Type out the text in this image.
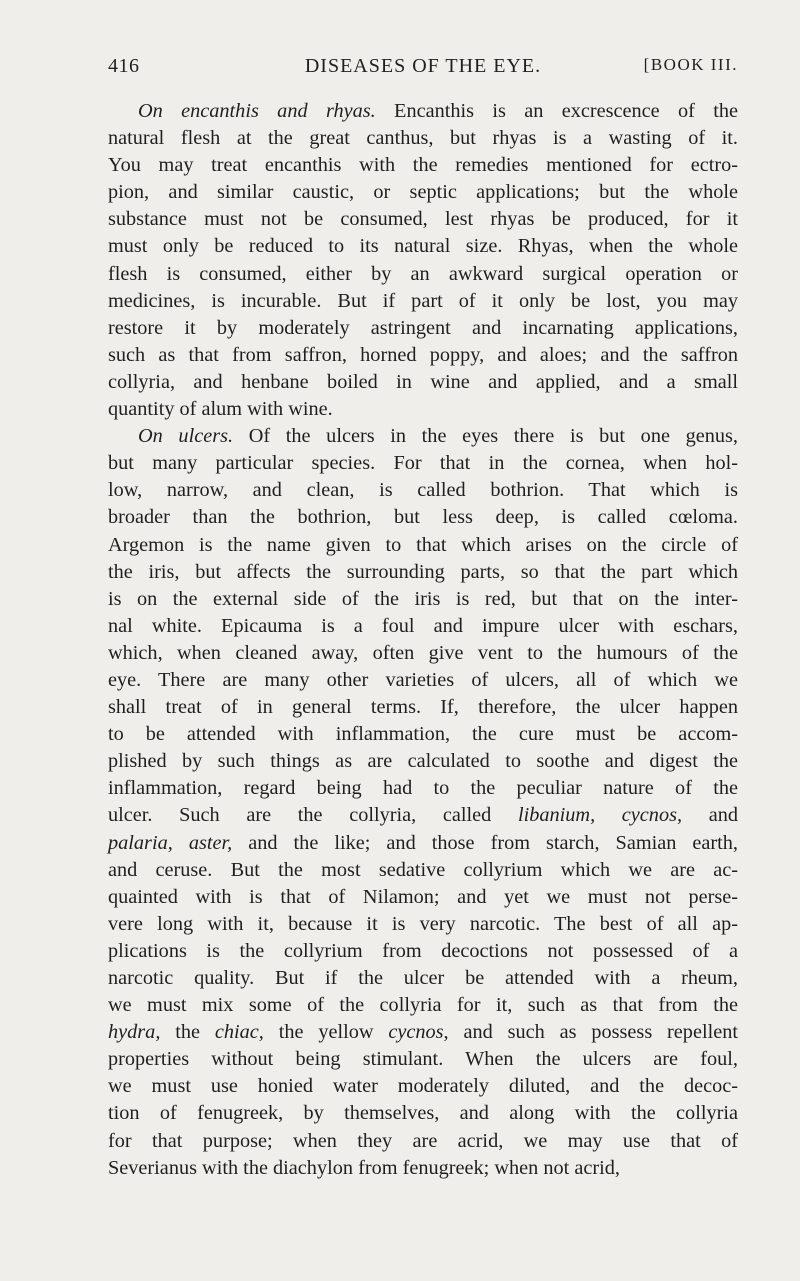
416	DISEASES OF THE EYE.	[BOOK III.
On encanthis and rhyas. Encanthis is an excrescence of the
natural flesh at the great canthus, but rhyas is a wasting of it.
You may treat encanthis with the remedies mentioned for ectro-
pion, and similar caustic, or septic applications; but the whole
substance must not be consumed, lest rhyas be produced, for it
must only be reduced to its natural size. Rhyas, when the whole
flesh is consumed, either by an awkward surgical operation or
medicines, is incurable. But if part of it only be lost, you may
restore it by moderately astringent and incarnating applications,
such as that from saffron, horned poppy, and aloes; and the saffron
collyria, and henbane boiled in wine and applied, and a small
quantity of alum with wine.
On ulcers. Of the ulcers in the eyes there is but one genus,
but many particular species. For that in the cornea, when hol-
low, narrow, and clean, is called bothrion. That which is
broader than the bothrion, but less deep, is called cœloma.
Argemon is the name given to that which arises on the circle of
the iris, but affects the surrounding parts, so that the part which
is on the external side of the iris is red, but that on the inter-
nal white. Epicauma is a foul and impure ulcer with eschars,
which, when cleaned away, often give vent to the humours of the
eye. There are many other varieties of ulcers, all of which we
shall treat of in general terms. If, therefore, the ulcer happen
to be attended with inflammation, the cure must be accom-
plished by such things as are calculated to soothe and digest the
inflammation, regard being had to the peculiar nature of the
ulcer. Such are the collyria, called libanium, cycnos, and
palaria, aster, and the like; and those from starch, Samian earth,
and ceruse. But the most sedative collyrium which we are ac-
quainted with is that of Nilamon; and yet we must not perse-
vere long with it, because it is very narcotic. The best of all ap-
plications is the collyrium from decoctions not possessed of a
narcotic quality. But if the ulcer be attended with a rheum,
we must mix some of the collyria for it, such as that from the
hydra, the chiac, the yellow cycnos, and such as possess repellent
properties without being stimulant. When the ulcers are foul,
we must use honied water moderately diluted, and the decoc-
tion of fenugreek, by themselves, and along with the collyria
for that purpose; when they are acrid, we may use that of
Severianus with the diachylon from fenugreek; when not acrid,
